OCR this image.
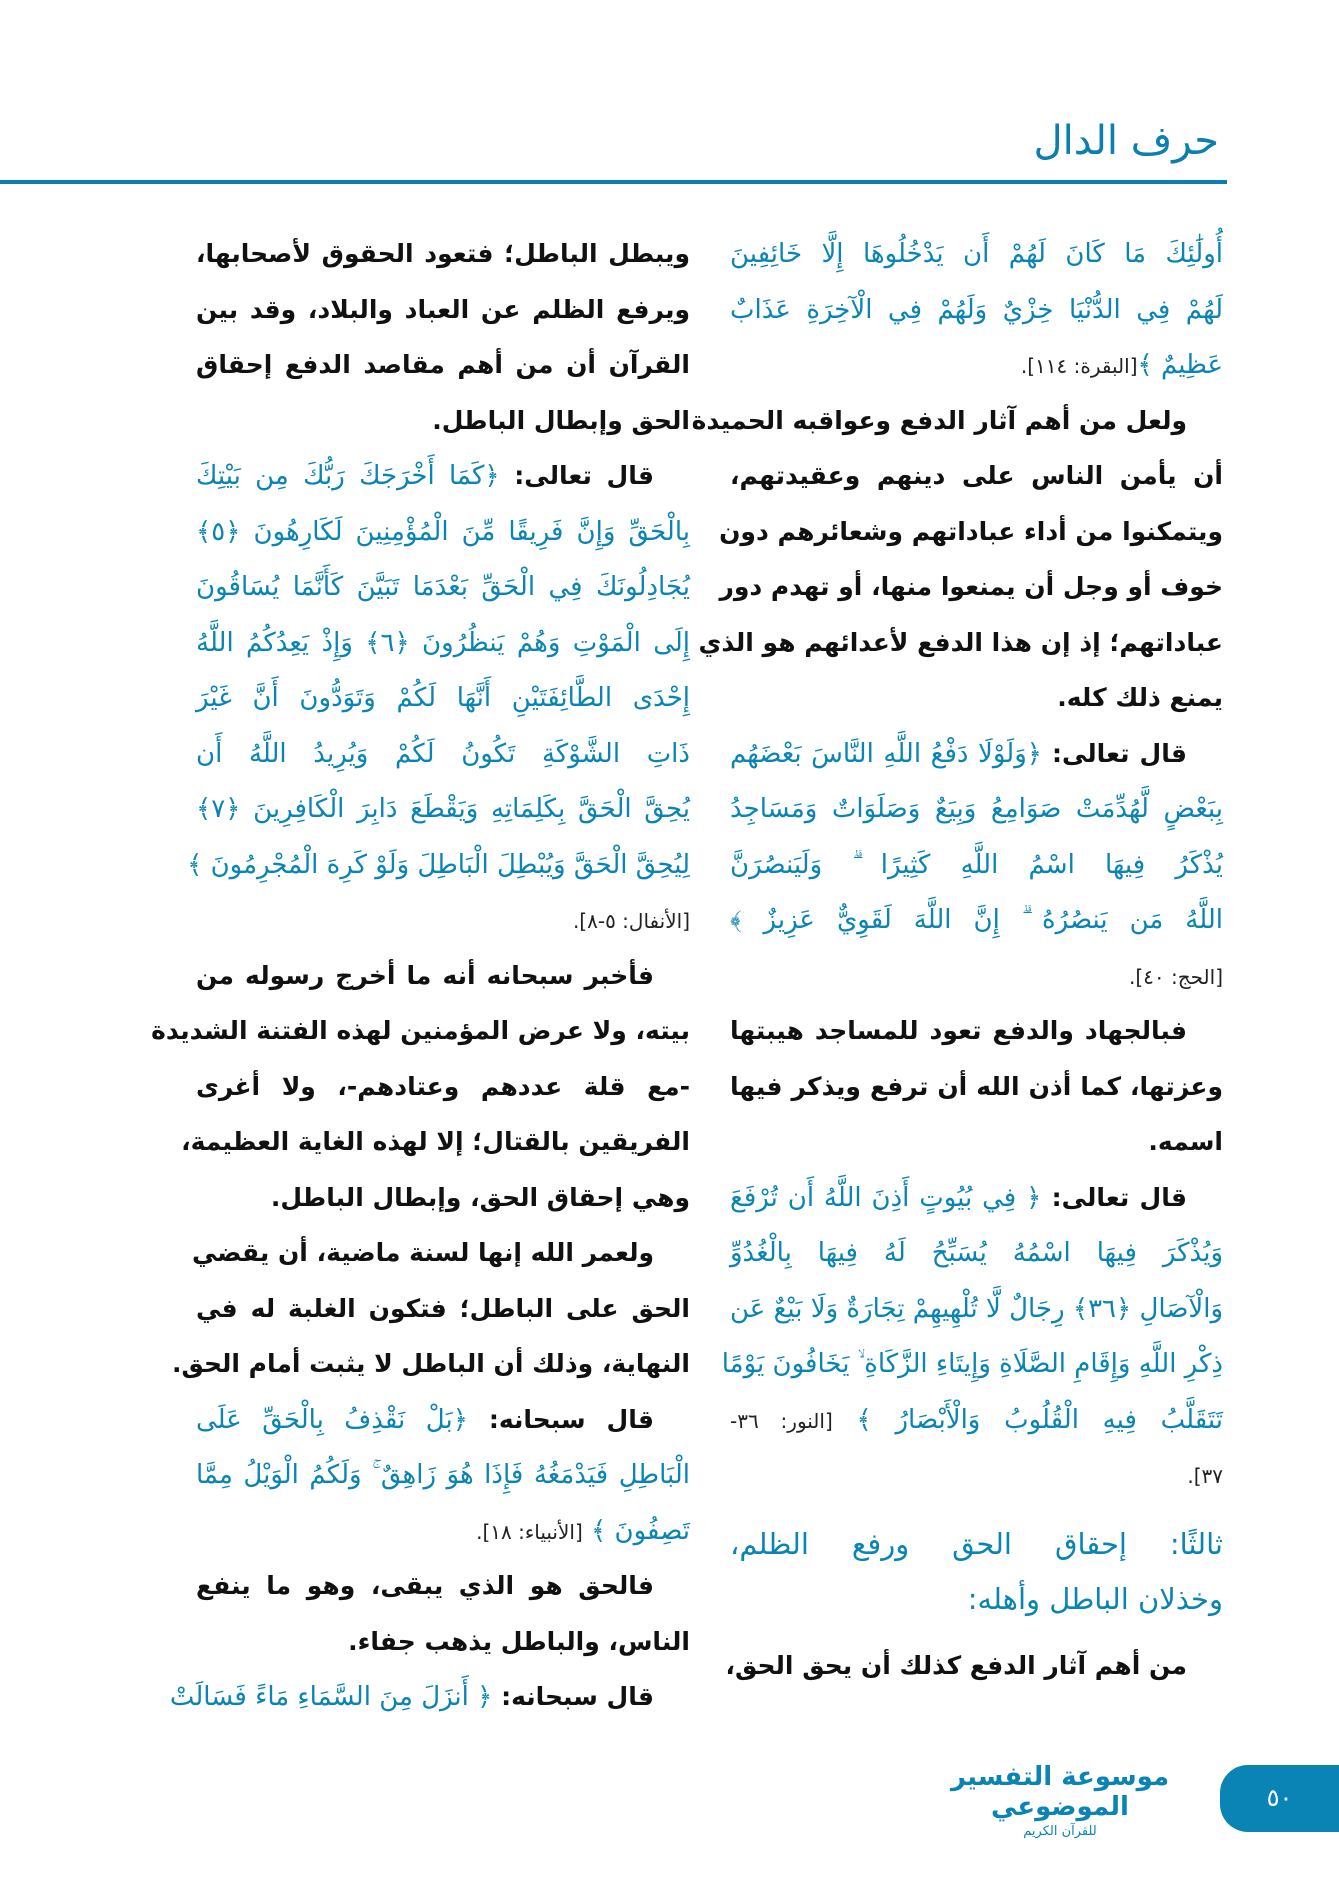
حرف الدال
أُولَٰئِكَ مَا كَانَ لَهُمْ أَن يَدْخُلُوهَا إِلَّا خَائِفِينَ
لَهُمْ فِي الدُّنْيَا خِزْيٌ وَلَهُمْ فِي الْآخِرَةِ عَذَابٌ
عَظِيمٌ ﴾[البقرة: ١١٤].
ولعل من أهم آثار الدفع وعواقبه الحميدة
أن يأمن الناس على دينهم وعقيدتهم،
ويتمكنوا من أداء عباداتهم وشعائرهم دون
خوف أو وجل أن يمنعوا منها، أو تهدم دور
عباداتهم؛ إذ إن هذا الدفع لأعدائهم هو الذي
يمنع ذلك كله.
قال تعالى: ﴿وَلَوْلَا دَفْعُ اللَّهِ النَّاسَ بَعْضَهُم
بِبَعْضٍ لَّهُدِّمَتْ صَوَامِعُ وَبِيَعٌ وَصَلَوَاتٌ وَمَسَاجِدُ
يُذْكَرُ فِيهَا اسْمُ اللَّهِ كَثِيرًا ۗ وَلَيَنصُرَنَّ
اللَّهُ مَن يَنصُرُهُ ۗ إِنَّ اللَّهَ لَقَوِيٌّ عَزِيزٌ ﴾
[الحج: ٤٠].
فبالجهاد والدفع تعود للمساجد هيبتها
وعزتها، كما أذن الله أن ترفع ويذكر فيها
اسمه.
قال تعالى: ﴿ فِي بُيُوتٍ أَذِنَ اللَّهُ أَن تُرْفَعَ
وَيُذْكَرَ فِيهَا اسْمُهُ يُسَبِّحُ لَهُ فِيهَا بِالْغُدُوِّ
وَالْآصَالِ ﴿٣٦﴾ رِجَالٌ لَّا تُلْهِيهِمْ تِجَارَةٌ وَلَا بَيْعٌ عَن
ذِكْرِ اللَّهِ وَإِقَامِ الصَّلَاةِ وَإِيتَاءِ الزَّكَاةِ ۙ يَخَافُونَ يَوْمًا
تَتَقَلَّبُ فِيهِ الْقُلُوبُ وَالْأَبْصَارُ ﴾ [النور: ٣٦-
٣٧].
ثالثًا: إحقاق الحق ورفع الظلم،
وخذلان الباطل وأهله:
من أهم آثار الدفع كذلك أن يحق الحق،
ويبطل الباطل؛ فتعود الحقوق لأصحابها،
ويرفع الظلم عن العباد والبلاد، وقد بين
القرآن أن من أهم مقاصد الدفع إحقاق
الحق وإبطال الباطل.
قال تعالى: ﴿كَمَا أَخْرَجَكَ رَبُّكَ مِن بَيْتِكَ
بِالْحَقِّ وَإِنَّ فَرِيقًا مِّنَ الْمُؤْمِنِينَ لَكَارِهُونَ ﴿٥﴾
يُجَادِلُونَكَ فِي الْحَقِّ بَعْدَمَا تَبَيَّنَ كَأَنَّمَا يُسَاقُونَ
إِلَى الْمَوْتِ وَهُمْ يَنظُرُونَ ﴿٦﴾ وَإِذْ يَعِدُكُمُ اللَّهُ
إِحْدَى الطَّائِفَتَيْنِ أَنَّهَا لَكُمْ وَتَوَدُّونَ أَنَّ غَيْرَ
ذَاتِ الشَّوْكَةِ تَكُونُ لَكُمْ وَيُرِيدُ اللَّهُ أَن
يُحِقَّ الْحَقَّ بِكَلِمَاتِهِ وَيَقْطَعَ دَابِرَ الْكَافِرِينَ ﴿٧﴾
لِيُحِقَّ الْحَقَّ وَيُبْطِلَ الْبَاطِلَ وَلَوْ كَرِهَ الْمُجْرِمُونَ ﴾
[الأنفال: ٥-٨].
فأخبر سبحانه أنه ما أخرج رسوله من
بيته، ولا عرض المؤمنين لهذه الفتنة الشديدة
-مع قلة عددهم وعتادهم-، ولا أغرى
الفريقين بالقتال؛ إلا لهذه الغاية العظيمة،
وهي إحقاق الحق، وإبطال الباطل.
ولعمر الله إنها لسنة ماضية، أن يقضي
الحق على الباطل؛ فتكون الغلبة له في
النهاية، وذلك أن الباطل لا يثبت أمام الحق.
قال سبحانه: ﴿بَلْ نَقْذِفُ بِالْحَقِّ عَلَى
الْبَاطِلِ فَيَدْمَغُهُ فَإِذَا هُوَ زَاهِقٌ ۚ وَلَكُمُ الْوَيْلُ مِمَّا
تَصِفُونَ ﴾ [الأنبياء: ١٨].
فالحق هو الذي يبقى، وهو ما ينفع
الناس، والباطل يذهب جفاء.
قال سبحانه: ﴿ أَنزَلَ مِنَ السَّمَاءِ مَاءً فَسَالَتْ
موسوعة التفسير الموضوعي
للقرآن الكريم
٥٠
